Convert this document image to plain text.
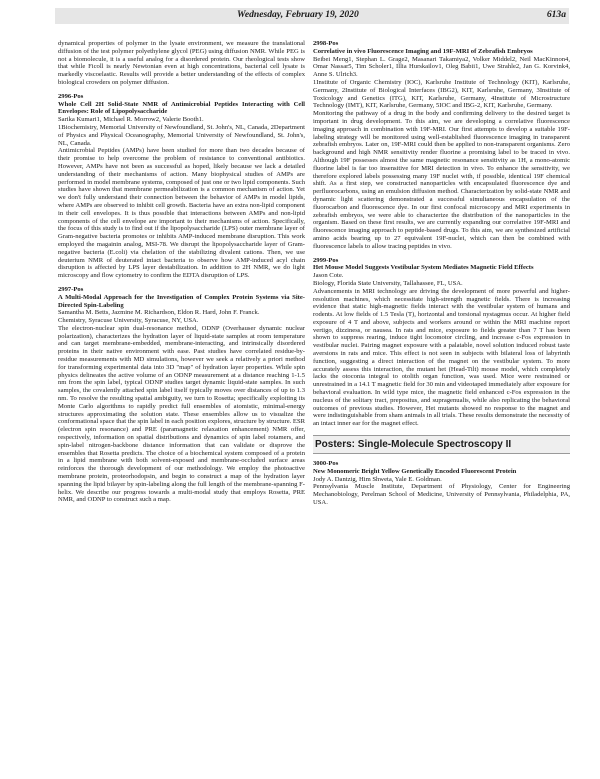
Wednesday, February 19, 2020	613a

dynamical properties of polymer in the lysate environment, we measure the translational diffusion of the test polymer polyethylene glycol (PEG) using diffusion NMR. While PEG is not a biomolecule, it is a useful analog for a disordered protein. Our rheological tests show that while Ficoll is nearly Newtonian even at high concentrations, bacterial cell lysate is markedly viscoelastic. Results will provide a better understanding of the effects of complex biological crowders on polymer diffusion.

2996-Pos

Whole Cell 2H Solid-State NMR of Antimicrobial Peptides Interacting with Cell Envelopes: Role of Lipopolysaccharide

Sarika Kumari1, Michael R. Morrow2, Valerie Booth1.

1Biochemistry, Memorial University of Newfoundland, St. John's, NL, Canada, 2Department of Physics and Physical Oceanography, Memorial University of Newfoundland, St. John's, NL, Canada.

Antimicrobial Peptides (AMPs) have been studied for more than two decades because of their promise to help overcome the problem of resistance to conventional antibiotics. However, AMPs have not been as successful as hoped, likely because we lack a detailed understanding of their mechanisms of action. Many biophysical studies of AMPs are performed in model membrane systems, composed of just one or two lipid components. Such studies have shown that membrane permeabilization is a common mechanism of action. Yet we don't fully understand their connection between the behavior of AMPs in model lipids, where AMPs are observed to inhibit cell growth. Bacteria have an extra non-lipid component in their cell envelopes. It is thus possible that interactions between AMPs and non-lipid components of the cell envelope are important to their mechanisms of action. Specifically, the focus of this study is to find out if the lipopolysaccharide (LPS) outer membrane layer of Gram-negative bacteria promotes or inhibits AMP-induced membrane disruption. This work employed the magainin analog, MSI-78. We disrupt the lipopolysaccharide layer of Gram-negative bacteria (E.coli) via chelation of the stabilizing divalent cations. Then, we use deuterium NMR of deuterated intact bacteria to observe how AMP-induced acyl chain disruption is affected by LPS layer destabilization. In addition to 2H NMR, we do light microscopy and flow cytometry to confirm the EDTA disruption of LPS.

2997-Pos

A Multi-Modal Approach for the Investigation of Complex Protein Systems via Site-Directed Spin-Labeling

Samantha M. Betts, Jazmine M. Richardson, Eldon R. Hard, John F. Franck.

Chemistry, Syracuse University, Syracuse, NY, USA.

The electron-nuclear spin dual-resonance method, ODNP (Overhauser dynamic nuclear polarization), characterizes the hydration layer of liquid-state samples at room temperature and can target membrane-embedded, membrane-interacting, and intrinsically disordered proteins in their native environment with ease. Past studies have correlated residue-by-residue measurements with MD simulations, however we seek a relatively a priori method for transforming experimental data into 3D "map" of hydration layer properties. While spin physics delineates the active volume of an ODNP measurement at a distance reaching 1-1.5 nm from the spin label, typical ODNP studies target dynamic liquid-state samples. In such samples, the covalently attached spin label itself typically moves over distances of up to 1.3 nm. To resolve the resulting spatial ambiguity, we turn to Rosetta; specifically exploiting its Monte Carlo algorithms to rapidly predict full ensembles of atomistic, minimal-energy structures approximating the solution state. These ensembles allow us to visualize the conformational space that the spin label in each position explores, structure by structure. ESR (electron spin resonance) and PRE (paramagnetic relaxation enhancement) NMR offer, respectively, information on spatial distributions and dynamics of spin label rotamers, and spin-label nitrogen-backbone distance information that can validate or disprove the ensembles that Rosetta predicts. The choice of a biochemical system composed of a protein in a lipid membrane with both solvent-exposed and membrane-occluded surface areas reinforces the thorough development of our methodology. We employ the photoactive membrane protein, proteorhodopsin, and begin to construct a map of the hydration layer spanning the lipid bilayer by spin-labeling along the full length of the membrane-spanning F-helix. We describe our progress towards a multi-modal study that employs Rosetta, PRE NMR, and ODNP to construct such a map.

2998-Pos

Correlative in vivo Fluorescence Imaging and 19F-MRI of Zebrafish Embryos

Beibei Meng1, Stephan L. Grage2, Masanari Takamiya2, Volker Middel2, Neil MacKinnon4, Omar Nassar5, Tim Scholer1, Illia Hurskailov1, Oleg Babii1, Uwe Strahle2, Jan G. Korvink4, Anne S. Ulrich3.

1Institute of Organic Chemistry (IOC), Karlsruhe Institute of Technology (KIT), Karlsruhe, Germany, 2Institute of Biological Interfaces (IBG2), KIT, Karlsruhe, Germany, 3Institute of Toxicology and Genetics (ITG), KIT, Karlsruhe, Germany, 4Institute of Microstructure Technology (IMT), KIT, Karlsruhe, Germany, 5IOC and IBG-2, KIT, Karlsruhe, Germany.

Monitoring the pathway of a drug in the body and confirming delivery to the desired target is important in drug development. To this aim, we are developing a correlative fluorescence imaging approach in combination with 19F-MRI. Our first attempts to develop a suitable 19F-labeling strategy will be monitored using well-established fluorescence imaging in transparent zebrafish embryos. Later on, 19F-MRI could then be applied to non-transparent organisms. Zero background and high NMR sensitivity render fluorine a promising label to be traced in vivo. Although 19F possesses almost the same magnetic resonance sensitivity as 1H, a mono-atomic fluorine label is far too insensitive for MRI detection in vivo. To enhance the sensitivity, we therefore explored labels possessing many 19F nuclei with, if possible, identical 19F chemical shift. As a first step, we constructed nanoparticles with encapsulated fluorescence dye and perfluorocarbons, using an emulsion diffusion method. Characterization by solid-state NMR and dynamic light scattering demonstrated a successful simultaneous encapsulation of the fluorocarbon and fluorescence dye. In our first confocal microscopy and MRI experiments in zebrafish embryos, we were able to characterize the distribution of the nanoparticles in the organism. Based on these first results, we are currently expanding our correlative 19F-MRI and fluorescence imaging approach to peptide-based drugs. To this aim, we are synthesized artificial amino acids bearing up to 27 equivalent 19F-nuclei, which can then be combined with fluorescence labels to allow tracing peptides in vivo.

2999-Pos

Het Mouse Model Suggests Vestibular System Mediates Magnetic Field Effects

Jason Cote.

Biology, Florida State University, Tallahassee, FL, USA.

Advancements in MRI technology are driving the development of more powerful and higher-resolution machines, which necessitate high-strength magnetic fields. There is increasing evidence that static high-magnetic fields interact with the vestibular system of humans and rodents. At low fields of 1.5 Tesla (T), horizontal and torsional nystagmus occur. At higher field exposure of 4 T and above, subjects and workers around or within the MRI machine report vertigo, dizziness, or nausea. In rats and mice, exposure to fields greater than 7 T has been shown to suppress rearing, induce tight locomotor circling, and increase c-Fos expression in vestibular nuclei. Pairing magnet exposure with a palatable, novel solution induced robust taste aversions in rats and mice. This effect is not seen in subjects with bilateral loss of labyrinth function, suggesting a direct interaction of the magnet on the vestibular system. To more accurately assess this interaction, the mutant het (Head-Tilt) mouse model, which completely lacks the otoconia integral to otolith organ function, was used. Mice were restrained or unrestrained in a 14.1 T magnetic field for 30 min and videotaped immediately after exposure for behavioral evaluation. In wild type mice, the magnetic field enhanced c-Fos expression in the nucleus of the solitary tract, prepositus, and supragenualis, while also replicating the behavioral outcomes of previous studies. However, Het mutants showed no response to the magnet and were indistinguishable from sham animals in all trials. These results demonstrate the necessity of an intact inner ear for the magnet effect.

Posters: Single-Molecule Spectroscopy II

3000-Pos

New Monomeric Bright Yellow Genetically Encoded Fluorescent Protein

Jody A. Dantzig, Him Shweta, Yale E. Goldman.

Pennsylvania Muscle Institute, Department of Physiology, Center for Engineering Mechanobiology, Perelman School of Medicine, University of Pennsylvania, Philadelphia, PA, USA.
